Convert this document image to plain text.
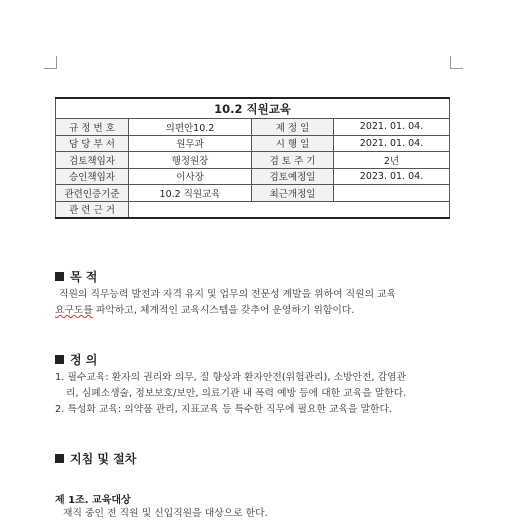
10.2 직원교육			
규 정 번 호	의편안10.2	제 정 일	2021. 01. 04.
담 당 부 서	원무과	시 행 일	2021. 01. 04.
검토책임자	행정원장	검 토 주 기	2년
승인책임자	이사장	검토예정일	2023. 01. 04.
관련인증기준	10.2 직원교육	최근개정일	
관 련 근 거			
목 적

직원의 직무능력 발전과 자격 유지 및 업무의 전문성 계발을 위하여 직원의 교육

요구도를 파악하고, 체계적인 교육시스템을 갖추어 운영하기 위함이다.

정 의

1. 필수교육: 환자의 권리와 의무, 질 향상과 환자안전(위험관리), 소방안전, 감염관

리, 심폐소생술, 정보보호/보안, 의료기관 내 폭력 예방 등에 대한 교육을 말한다.

2. 특성화 교육: 의약품 관리, 지표교육 등 특수한 직무에 필요한 교육을 말한다.

지침 및 절차
제 1조. 교육대상
재직 중인 전 직원 및 신입직원을 대상으로 한다.
